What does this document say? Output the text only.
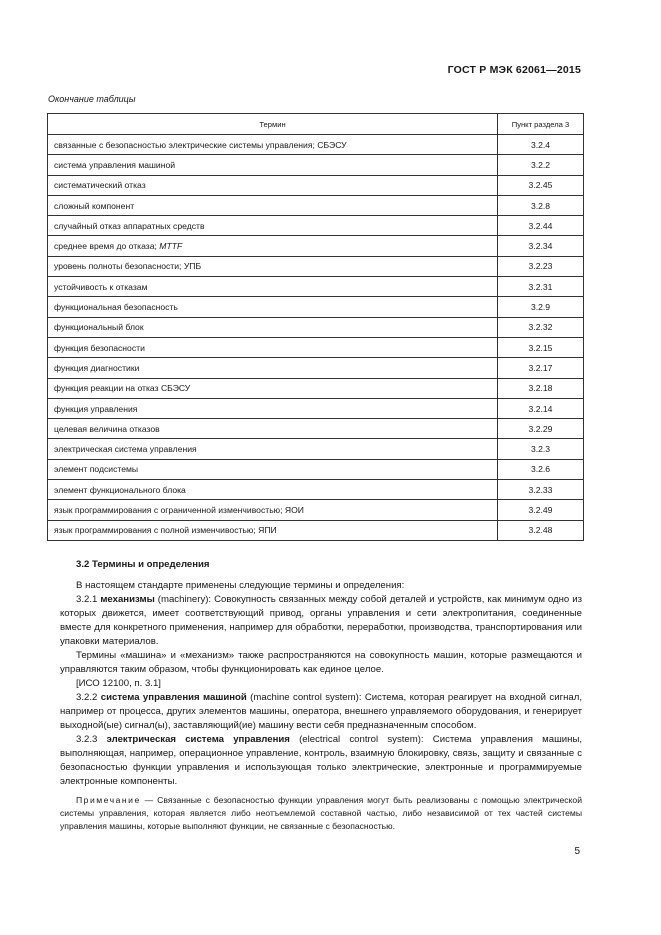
ГОСТ Р МЭК 62061—2015
Окончание таблицы
Термин	Пункт раздела 3
связанные с безопасностью электрические системы управления; СБЭСУ	3.2.4
система управления машиной	3.2.2
систематический отказ	3.2.45
сложный компонент	3.2.8
случайный отказ аппаратных средств	3.2.44
среднее время до отказа; MTTF	3.2.34
уровень полноты безопасности; УПБ	3.2.23
устойчивость к отказам	3.2.31
функциональная безопасность	3.2.9
функциональный блок	3.2.32
функция безопасности	3.2.15
функция диагностики	3.2.17
функция реакции на отказ СБЭСУ	3.2.18
функция управления	3.2.14
целевая величина отказов	3.2.29
электрическая система управления	3.2.3
элемент подсистемы	3.2.6
элемент функционального блока	3.2.33
язык программирования с ограниченной изменчивостью; ЯОИ	3.2.49
язык программирования с полной изменчивостью; ЯПИ	3.2.48
3.2 Термины и определения

В настоящем стандарте применены следующие термины и определения:

3.2.1 механизмы (machinery): Совокупность связанных между собой деталей и устройств, как минимум одно из которых движется, имеет соответствующий привод, органы управления и сети электропитания, соединенные вместе для конкретного применения, например для обработки, переработки, производства, транспортирования или упаковки материалов.

Термины «машина» и «механизм» также распространяются на совокупность машин, которые размещаются и управляются таким образом, чтобы функционировать как единое целое.

[ИСО 12100, п. 3.1]

3.2.2 система управления машиной (machine control system): Система, которая реагирует на входной сигнал, например от процесса, других элементов машины, оператора, внешнего управляемого оборудования, и генерирует выходной(ые) сигнал(ы), заставляющий(ие) машину вести себя предназначенным способом.

3.2.3 электрическая система управления (electrical control system): Система управления машины, выполняющая, например, операционное управление, контроль, взаимную блокировку, связь, защиту и связанные с безопасностью функции управления и использующая только электрические, электронные и программируемые электронные компоненты.

Примечание — Связанные с безопасностью функции управления могут быть реализованы с помощью электрической системы управления, которая является либо неотъемлемой составной частью, либо независимой от тех частей системы управления машины, которые выполняют функции, не связанные с безопасностью.

5
